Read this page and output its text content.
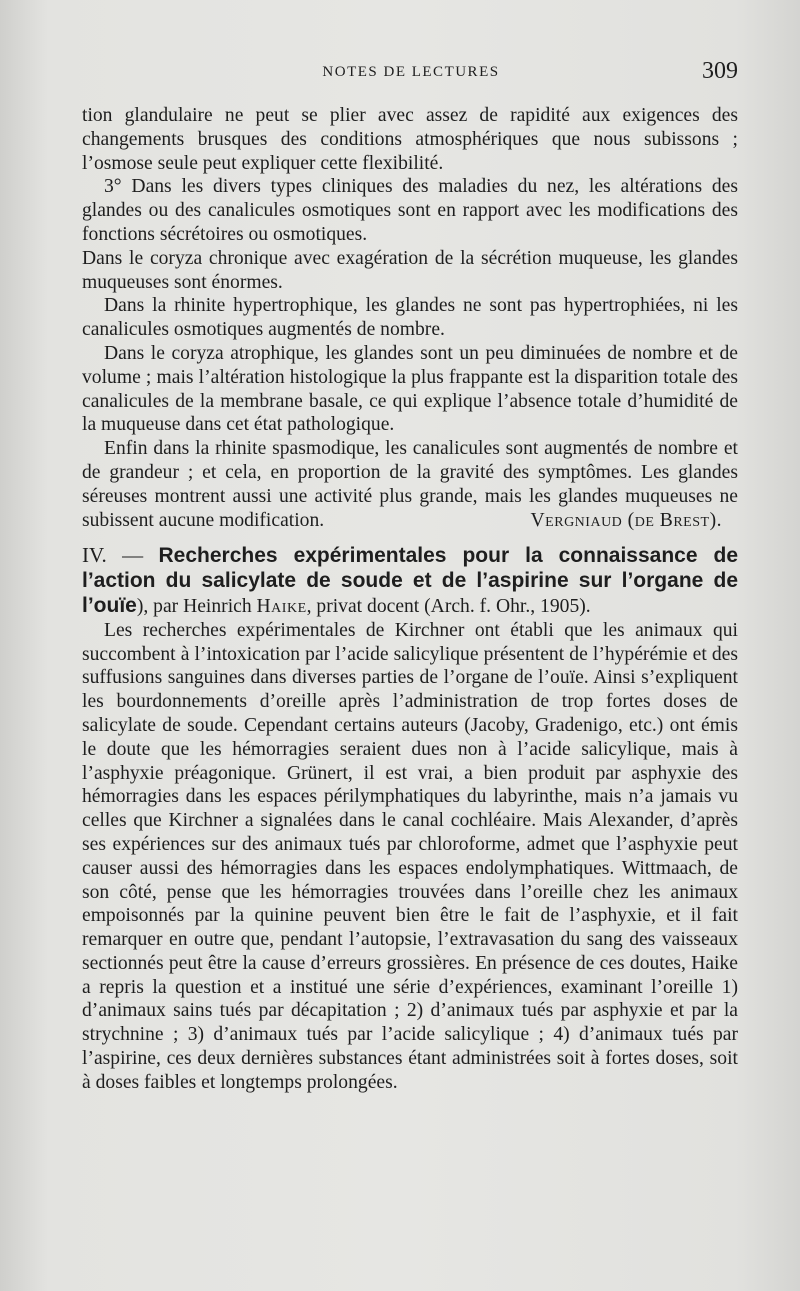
NOTES DE LECTURES	309

tion glandulaire ne peut se plier avec assez de rapidité aux exigences des changements brusques des conditions atmosphériques que nous subissons ; l’osmose seule peut expliquer cette flexibilité.

3° Dans les divers types cliniques des maladies du nez, les altérations des glandes ou des canalicules osmotiques sont en rapport avec les modifications des fonctions sécrétoires ou osmotiques.

Dans le coryza chronique avec exagération de la sécrétion muqueuse, les glandes muqueuses sont énormes.

Dans la rhinite hypertrophique, les glandes ne sont pas hypertrophiées, ni les canalicules osmotiques augmentés de nombre.

Dans le coryza atrophique, les glandes sont un peu diminuées de nombre et de volume ; mais l’altération histologique la plus frappante est la disparition totale des canalicules de la membrane basale, ce qui explique l’absence totale d’humidité de la muqueuse dans cet état pathologique.

Enfin dans la rhinite spasmodique, les canalicules sont augmentés de nombre et de grandeur ; et cela, en proportion de la gravité des symptômes. Les glandes séreuses montrent aussi une activité plus grande, mais les glandes muqueuses ne subissent aucune modification.	Vergniaud (de Brest).

IV. — Recherches expérimentales pour la connaissance de l’action du salicylate de soude et de l’aspirine sur l’organe de l’ouïe), par Heinrich Haike, privat docent (Arch. f. Ohr., 1905).

Les recherches expérimentales de Kirchner ont établi que les animaux qui succombent à l’intoxication par l’acide salicylique présentent de l’hypérémie et des suffusions sanguines dans diverses parties de l’organe de l’ouïe. Ainsi s’expliquent les bourdonnements d’oreille après l’administration de trop fortes doses de salicylate de soude. Cependant certains auteurs (Jacoby, Gradenigo, etc.) ont émis le doute que les hémorragies seraient dues non à l’acide salicylique, mais à l’asphyxie préagonique. Grünert, il est vrai, a bien produit par asphyxie des hémorragies dans les espaces périlymphatiques du labyrinthe, mais n’a jamais vu celles que Kirchner a signalées dans le canal cochléaire. Mais Alexander, d’après ses expériences sur des animaux tués par chloroforme, admet que l’asphyxie peut causer aussi des hémorragies dans les espaces endolymphatiques. Wittmaach, de son côté, pense que les hémorragies trouvées dans l’oreille chez les animaux empoisonnés par la quinine peuvent bien être le fait de l’asphyxie, et il fait remarquer en outre que, pendant l’autopsie, l’extravasation du sang des vaisseaux sectionnés peut être la cause d’erreurs grossières. En présence de ces doutes, Haike a repris la question et a institué une série d’expériences, examinant l’oreille 1) d’animaux sains tués par décapitation ; 2) d’animaux tués par asphyxie et par la strychnine ; 3) d’animaux tués par l’acide salicylique ; 4) d’animaux tués par l’aspirine, ces deux dernières substances étant administrées soit à fortes doses, soit à doses faibles et longtemps prolongées.
